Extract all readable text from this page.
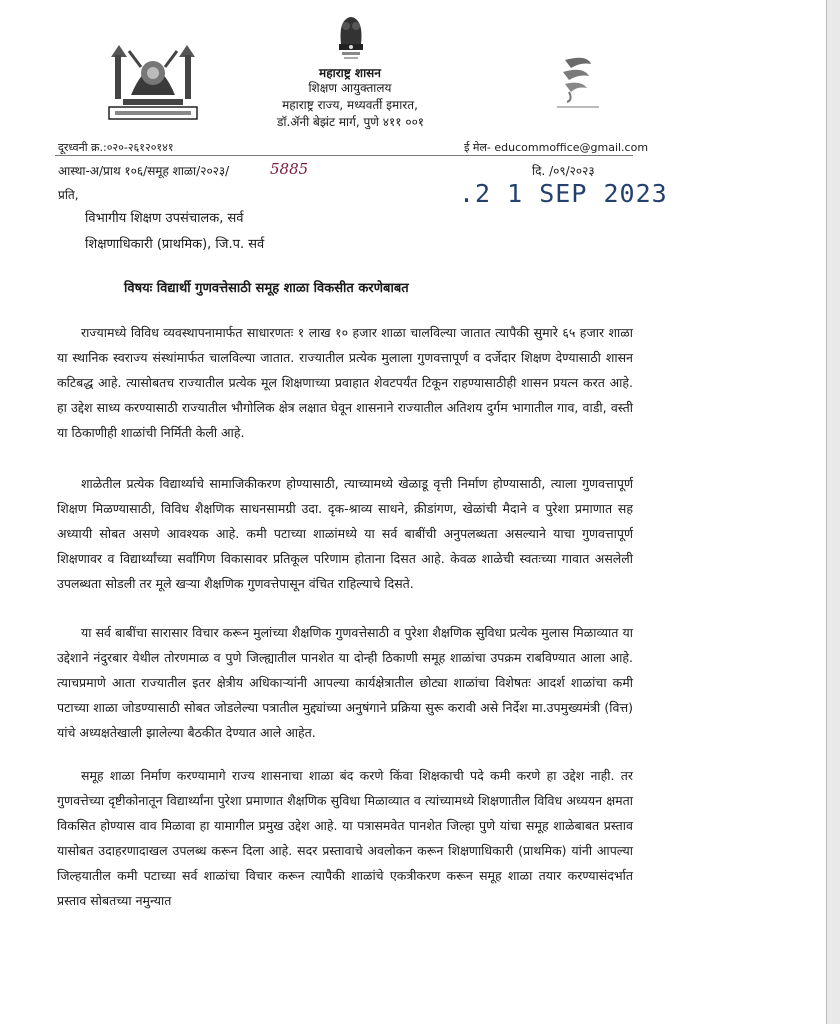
महाराष्ट्र शासन
शिक्षण आयुक्तालय
महाराष्ट्र राज्य, मध्यवर्ती इमारत,
डॉ.ॲनी बेझंट मार्ग, पुणे ४११ ००१
दूरध्वनी क्र.:०२०-२६१२०१४१	ई मेल- educommoffice@gmail.com
आस्था-अ/प्राथ १०६/समूह शाळा/२०२३/	5885	दि. /०९/२०२३
.2 1 SEP 2023
प्रति,
विभागीय शिक्षण उपसंचालक, सर्व
शिक्षणाधिकारी (प्राथमिक), जि.प. सर्व
विषयः विद्यार्थी गुणवत्तेसाठी समूह शाळा विकसीत करणेबाबत

राज्यामध्ये विविध व्यवस्थापनामार्फत साधारणतः १ लाख १० हजार शाळा चालविल्या जातात त्यापैकी सुमारे ६५ हजार शाळा या स्थानिक स्वराज्य संस्थांमार्फत चालविल्या जातात. राज्यातील प्रत्येक मुलाला गुणवत्तापूर्ण व दर्जेदार शिक्षण देण्यासाठी शासन कटिबद्ध आहे. त्यासोबतच राज्यातील प्रत्येक मूल शिक्षणाच्या प्रवाहात शेवटपर्यंत टिकून राहण्यासाठीही शासन प्रयत्न करत आहे. हा उद्देश साध्य करण्यासाठी राज्यातील भौगोलिक क्षेत्र लक्षात घेवून शासनाने राज्यातील अतिशय दुर्गम भागातील गाव, वाडी, वस्ती या ठिकाणीही शाळांची निर्मिती केली आहे.

शाळेतील प्रत्येक विद्यार्थ्याचे सामाजिकीकरण होण्यासाठी, त्याच्यामध्ये खेळाडू वृत्ती निर्माण होण्यासाठी, त्याला गुणवत्तापूर्ण शिक्षण मिळण्यासाठी, विविध शैक्षणिक साधनसामग्री उदा. दृक-श्राव्य साधने, क्रीडांगण, खेळांची मैदाने व पुरेशा प्रमाणात सह अध्यायी सोबत असणे आवश्यक आहे. कमी पटाच्या शाळांमध्ये या सर्व बाबींची अनुपलब्धता असल्याने याचा गुणवत्तापूर्ण शिक्षणावर व विद्यार्थ्यांच्या सर्वांगिण विकासावर प्रतिकूल परिणाम होताना दिसत आहे. केवळ शाळेची स्वतःच्या गावात असलेली उपलब्धता सोडली तर मूले खऱ्या शैक्षणिक गुणवत्तेपासून वंचित राहिल्याचे दिसते.

या सर्व बाबींचा सारासार विचार करून मुलांच्या शैक्षणिक गुणवत्तेसाठी व पुरेशा शैक्षणिक सुविधा प्रत्येक मुलास मिळाव्यात या उद्देशाने नंदुरबार येथील तोरणमाळ व पुणे जिल्ह्यातील पानशेत या दोन्ही ठिकाणी समूह शाळांचा उपक्रम राबविण्यात आला आहे. त्याचप्रमाणे आता राज्यातील इतर क्षेत्रीय अधिकाऱ्यांनी आपल्या कार्यक्षेत्रातील छोट्या शाळांचा विशेषतः आदर्श शाळांचा कमी पटाच्या शाळा जोडण्यासाठी सोबत जोडलेल्या पत्रातील मुद्द्यांच्या अनुषंगाने प्रक्रिया सुरू करावी असे निर्देश मा.उपमुख्यमंत्री (वित्त) यांचे अध्यक्षतेखाली झालेल्या बैठकीत देण्यात आले आहेत.

समूह शाळा निर्माण करण्यामागे राज्य शासनाचा शाळा बंद करणे किंवा शिक्षकाची पदे कमी करणे हा उद्देश नाही. तर गुणवत्तेच्या दृष्टीकोनातून विद्यार्थ्यांना पुरेशा प्रमाणात शैक्षणिक सुविधा मिळाव्यात व त्यांच्यामध्ये शिक्षणातील विविध अध्ययन क्षमता विकसित होण्यास वाव मिळावा हा यामागील प्रमुख उद्देश आहे. या पत्रासमवेत पानशेत जिल्हा पुणे यांचा समूह शाळेबाबत प्रस्ताव यासोबत उदाहरणादाखल उपलब्ध करून दिला आहे. सदर प्रस्तावाचे अवलोकन करून शिक्षणाधिकारी (प्राथमिक) यांनी आपल्या जिल्हयातील कमी पटाच्या सर्व शाळांचा विचार करून त्यापैकी शाळांचे एकत्रीकरण करून समूह शाळा तयार करण्यासंदर्भात प्रस्ताव सोबतच्या नमुन्यात
